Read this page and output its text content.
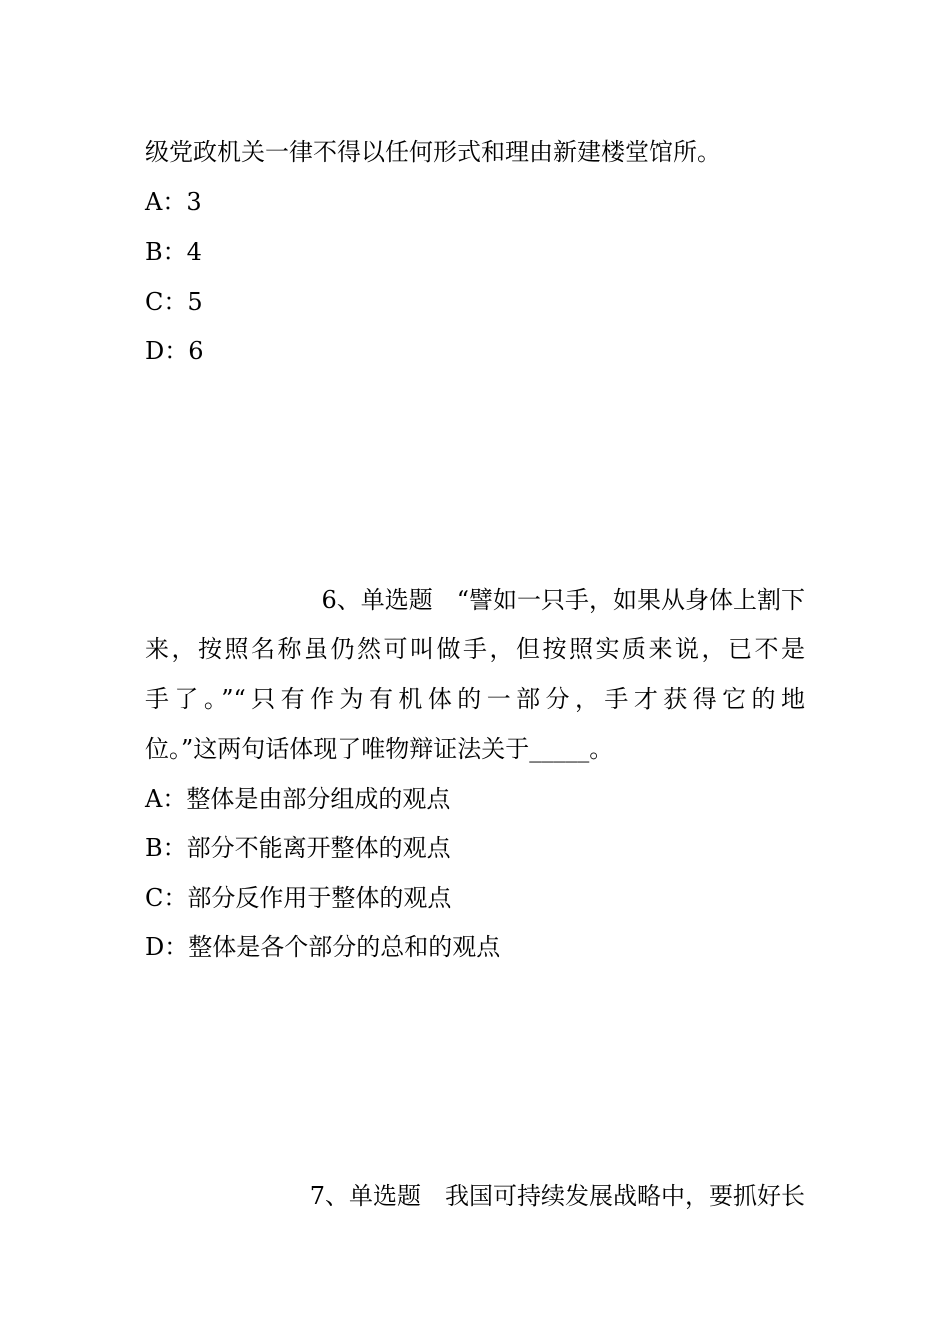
级党政机关一律不得以任何形式和理由新建楼堂馆所。
A：3
B：4
C：5
D：6
6、单选题 “譬如一只手，如果从身体上割下
来，按照名称虽仍然可叫做手，但按照实质来说，已不是
手了。”“只有作为有机体的一部分，手才获得它的地
位。”这两句话体现了唯物辩证法关于_____。
A：整体是由部分组成的观点
B：部分不能离开整体的观点
C：部分反作用于整体的观点
D：整体是各个部分的总和的观点
7、单选题 我国可持续发展战略中，要抓好长
